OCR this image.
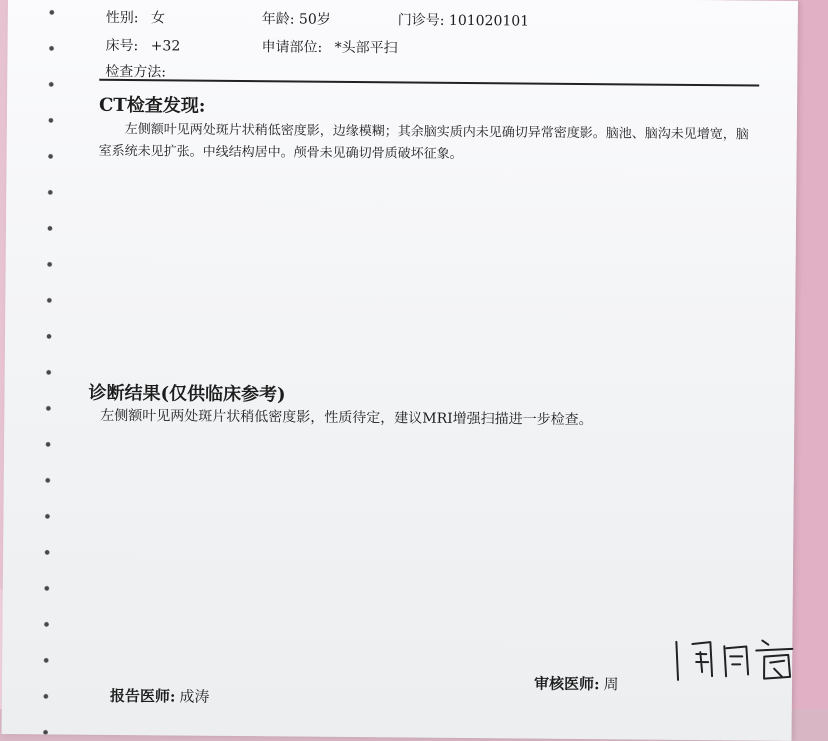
性别: 女	年龄: 50岁	门诊号: 101020101
床号: +32	申请部位: *头部平扫
检查方法:
CT检查发现:
左侧额叶见两处斑片状稍低密度影，边缘模糊；其余脑实质内未见确切异常密度影。脑池、脑沟未见增宽，脑室系统未见扩张。中线结构居中。颅骨未见确切骨质破坏征象。
诊断结果(仅供临床参考)
左侧额叶见两处斑片状稍低密度影，性质待定，建议MRI增强扫描进一步检查。
报告医师: 成涛
审核医师: 周
